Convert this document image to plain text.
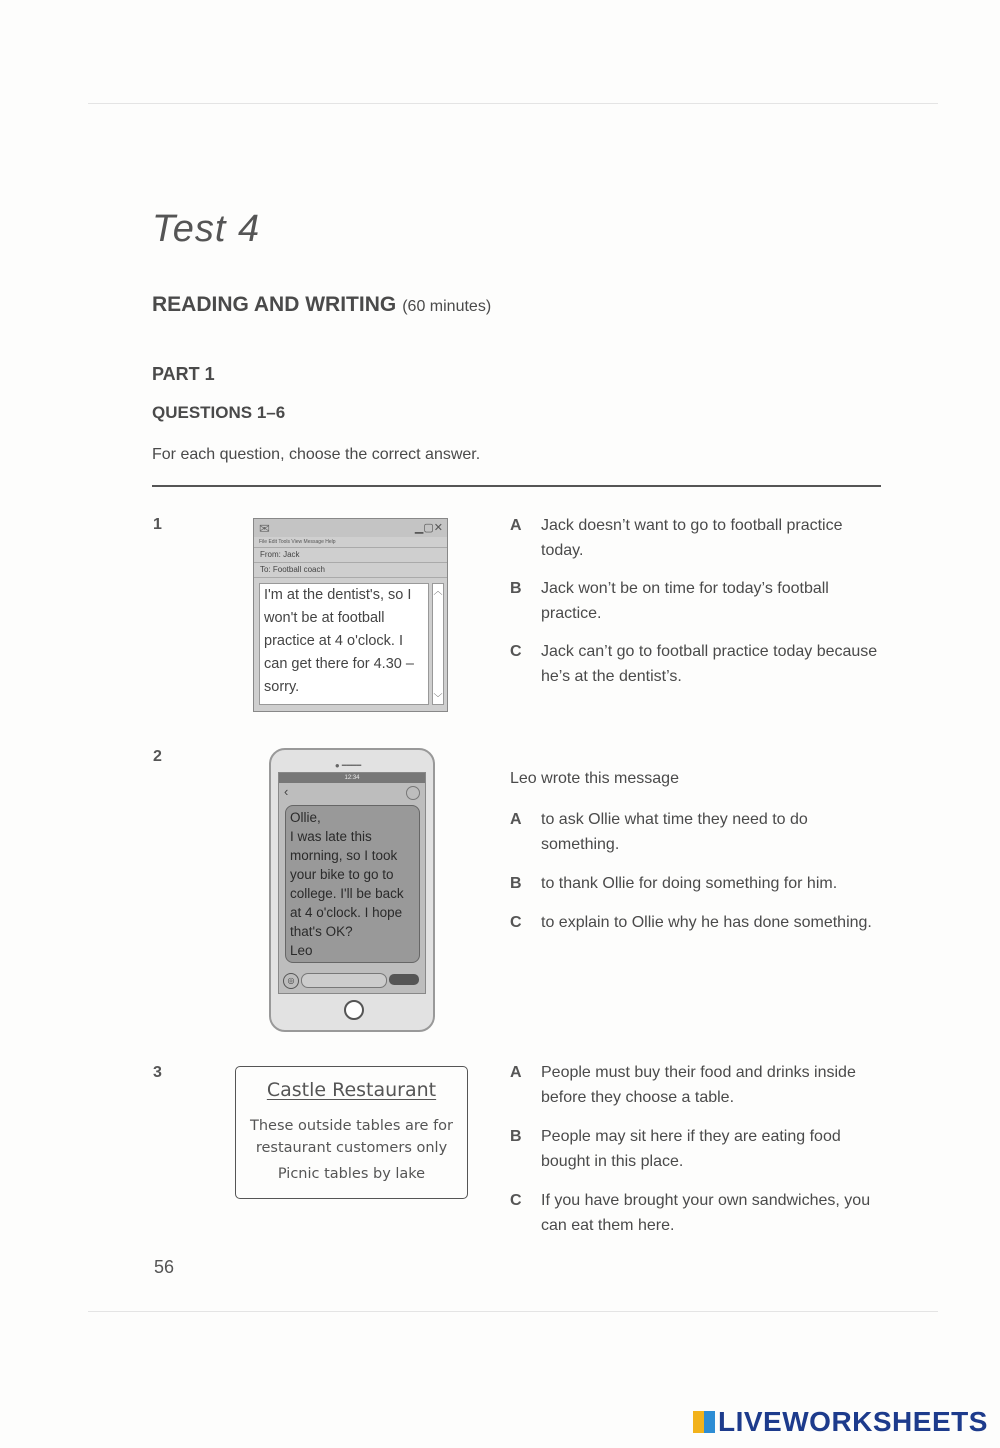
Test 4
READING AND WRITING (60 minutes)
PART 1
QUESTIONS 1–6
For each question, choose the correct answer.
1	✉	▁▢✕
File Edit Tools View Message Help
From: Jack
To: Football coach
I'm at the dentist's, so I won't be at football practice at 4 o'clock. I can get there for 4.30 – sorry.
︿
﹀
A Jack doesn’t want to go to football practice today.
B Jack won’t be on time for today’s football practice.
C Jack can’t go to football practice today because he’s at the dentist’s.
2
● ━━━━
12:34
‹
Ollie,
I was late this morning, so I took your bike to go to college. I'll be back at 4 o'clock. I hope that's OK?
Leo
◎
Leo wrote this message
A to ask Ollie what time they need to do something.
B to thank Ollie for doing something for him.
C to explain to Ollie why he has done something.
3
Castle Restaurant
These outside tables are for restaurant customers only
Picnic tables by lake
A People must buy their food and drinks inside before they choose a table.
B People may sit here if they are eating food bought in this place.
C If you have brought your own sandwiches, you can eat them here.
56
LIVEWORKSHEETS
